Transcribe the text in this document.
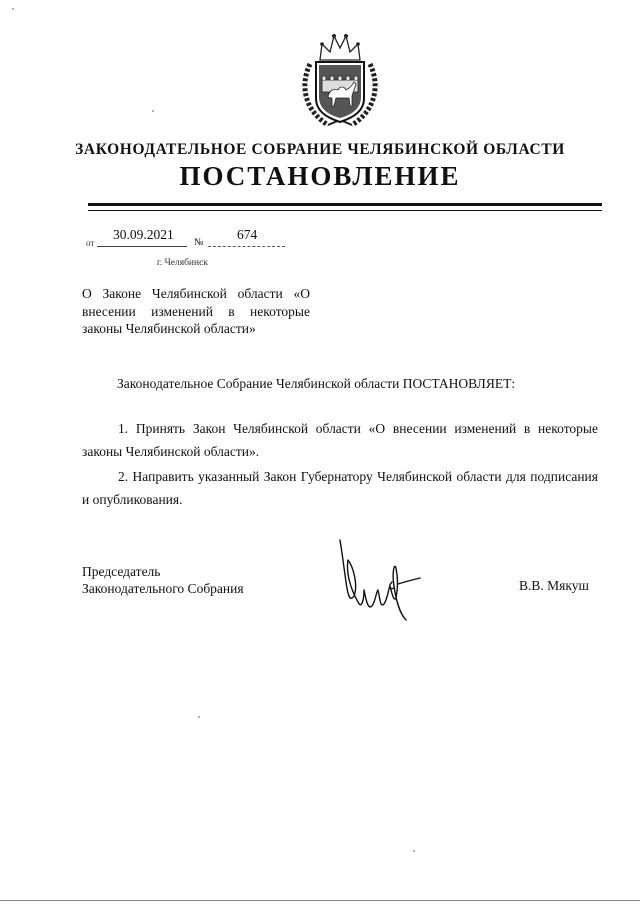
ЗАКОНОДАТЕЛЬНОЕ СОБРАНИЕ ЧЕЛЯБИНСКОЙ ОБЛАСТИ
ПОСТАНОВЛЕНИЕ
от
30.09.2021
№
674
г. Челябинск
О Законе Челябинской области «О внесении изменений в некоторые законы Челябинской области»
Законодательное Собрание Челябинской области ПОСТАНОВЛЯЕТ:
1. Принять Закон Челябинской области «О внесении изменений в некоторые законы Челябинской области».
2. Направить указанный Закон Губернатору Челябинской области для подписания и опубликования.
Председатель
Законодательного Собрания	В.В. Мякуш
